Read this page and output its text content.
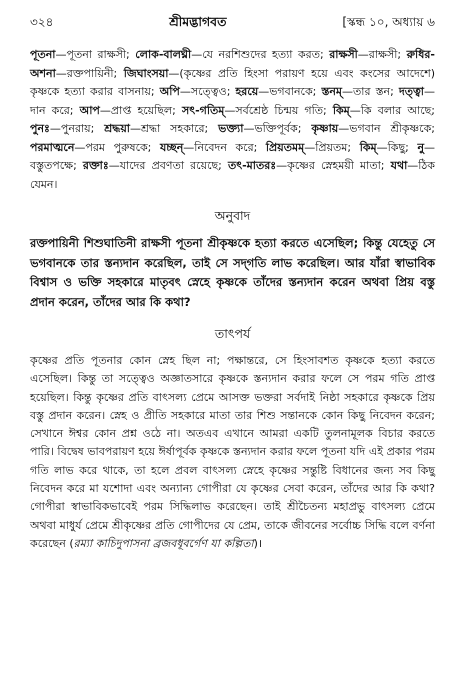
৩২৪	শ্রীমদ্ভাগবত	[স্কন্ধ ১০, অধ্যায় ৬
পূতনা—পূতনা রাক্ষসী; লোক-বালঘ্নী—যে নরশিশুদের হত্যা করত; রাক্ষসী—রাক্ষসী; রুধির-অশনা—রক্তপায়িনী; জিঘাংসয়া—(কৃষ্ণের প্রতি হিংসা পরায়ণ হয়ে এবং কংসের আদেশে) কৃষ্ণকে হত্যা করার বাসনায়; অপি—সত্ত্বেও; হরয়ে—ভগবানকে; স্তনম্—তার স্তন; দত্ত্বা—দান করে; আপ—প্রাপ্ত হয়েছিল; সৎ-গতিম্—সর্বশ্রেষ্ঠ চিন্ময় গতি; কিম্—কি বলার আছে; পুনঃ—পুনরায়; শ্রদ্ধয়া—শ্রদ্ধা সহকারে; ভক্ত্যা—ভক্তিপূর্বক; কৃষ্ণায়—ভগবান শ্রীকৃষ্ণকে; পরমাত্মনে—পরম পুরুষকে; যচ্ছন্—নিবেদন করে; প্রিয়তমম্—প্রিয়তম; কিম্—কিছু; নু—বস্তুতপক্ষে; রক্তাঃ—যাদের প্রবণতা রয়েছে; তৎ-মাতরঃ—কৃষ্ণের স্নেহময়ী মাতা; যথা—ঠিক যেমন।
অনুবাদ
রক্তপায়িনী শিশুঘাতিনী রাক্ষসী পূতনা শ্রীকৃষ্ণকে হত্যা করতে এসেছিল; কিন্তু যেহেতু সে ভগবানকে তার স্তন্যদান করেছিল, তাই সে সদ্‌গতি লাভ করেছিল। আর যাঁরা স্বাভাবিক বিশ্বাস ও ভক্তি সহকারে মাতৃবৎ স্নেহে কৃষ্ণকে তাঁদের স্তন্যদান করেন অথবা প্রিয় বস্তু প্রদান করেন, তাঁদের আর কি কথা?
তাৎপর্য
কৃষ্ণের প্রতি পূতনার কোন স্নেহ ছিল না; পক্ষান্তরে, সে হিংসাবশত কৃষ্ণকে হত্যা করতে এসেছিল। কিন্তু তা সত্ত্বেও অজ্ঞাতসারে কৃষ্ণকে স্তন্যদান করার ফলে সে পরম গতি প্রাপ্ত হয়েছিল। কিন্তু কৃষ্ণের প্রতি বাৎসল্য প্রেমে আসক্ত ভক্তরা সর্বদাই নিষ্ঠা সহকারে কৃষ্ণকে প্রিয় বস্তু প্রদান করেন। স্নেহ ও প্রীতি সহকারে মাতা তার শিশু সন্তানকে কোন কিছু নিবেদন করেন; সেখানে ঈশ্বর কোন প্রশ্ন ওঠে না। অতএব এখানে আমরা একটি তুলনামূলক বিচার করতে পারি। বিদ্বেষ ভাবপরায়ণ হয়ে ঈর্ষাপূর্বক কৃষ্ণকে স্তন্যদান করার ফলে পূতনা যদি এই প্রকার পরম গতি লাভ করে থাকে, তা হলে প্রবল বাৎসল্য স্নেহে কৃষ্ণের সন্তুষ্টি বিধানের জন্য সব কিছু নিবেদন করে মা যশোদা এবং অন্যান্য গোপীরা যে কৃষ্ণের সেবা করেন, তাঁদের আর কি কথা? গোপীরা স্বাভাবিকভাবেই পরম সিদ্ধিলাভ করেছেন। তাই শ্রীচৈতন্য মহাপ্রভু বাৎসল্য প্রেমে অথবা মাধুর্য প্রেমে শ্রীকৃষ্ণের প্রতি গোপীদের যে প্রেম, তাকে জীবনের সর্বোচ্চ সিদ্ধি বলে বর্ণনা করেছেন (রম্যা কাচিদুপাসনা ব্রজবধূবর্গেণ যা কল্পিতা)।
